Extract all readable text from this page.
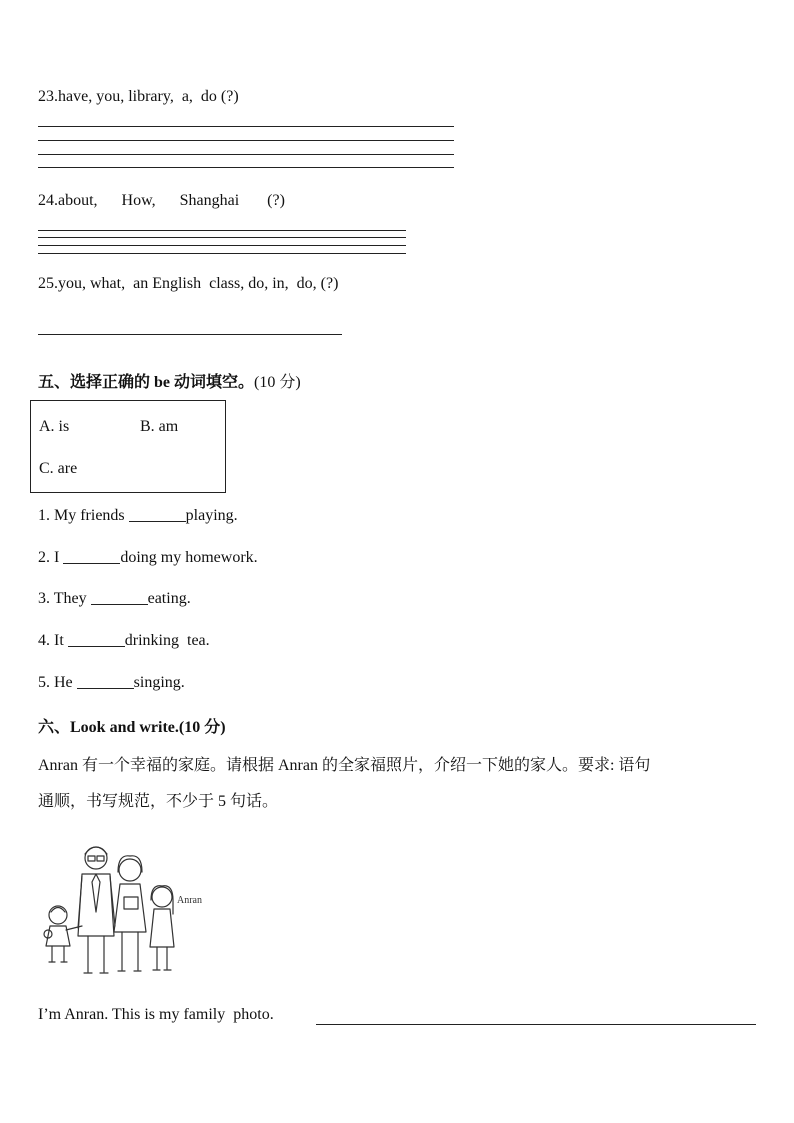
23.have, you, library,  a,  do (?)
24.about,      How,      Shanghai       (?)
25.you, what,  an English  class, do, in,  do, (?)
五、选择正确的 be 动词填空。(10 分)
A. is	B. am
C. are
1. My friends	playing.
2. I	doing my homework.
3. They	eating.
4. It	drinking  tea.
5. He	singing.
六、Look and write.(10 分)
Anran 有一个幸福的家庭。请根据 Anran 的全家福照片，介绍一下她的家人。要求: 语句
通顺，书写规范，不少于 5 句话。
Anran
I’m Anran. This is my family  photo.
